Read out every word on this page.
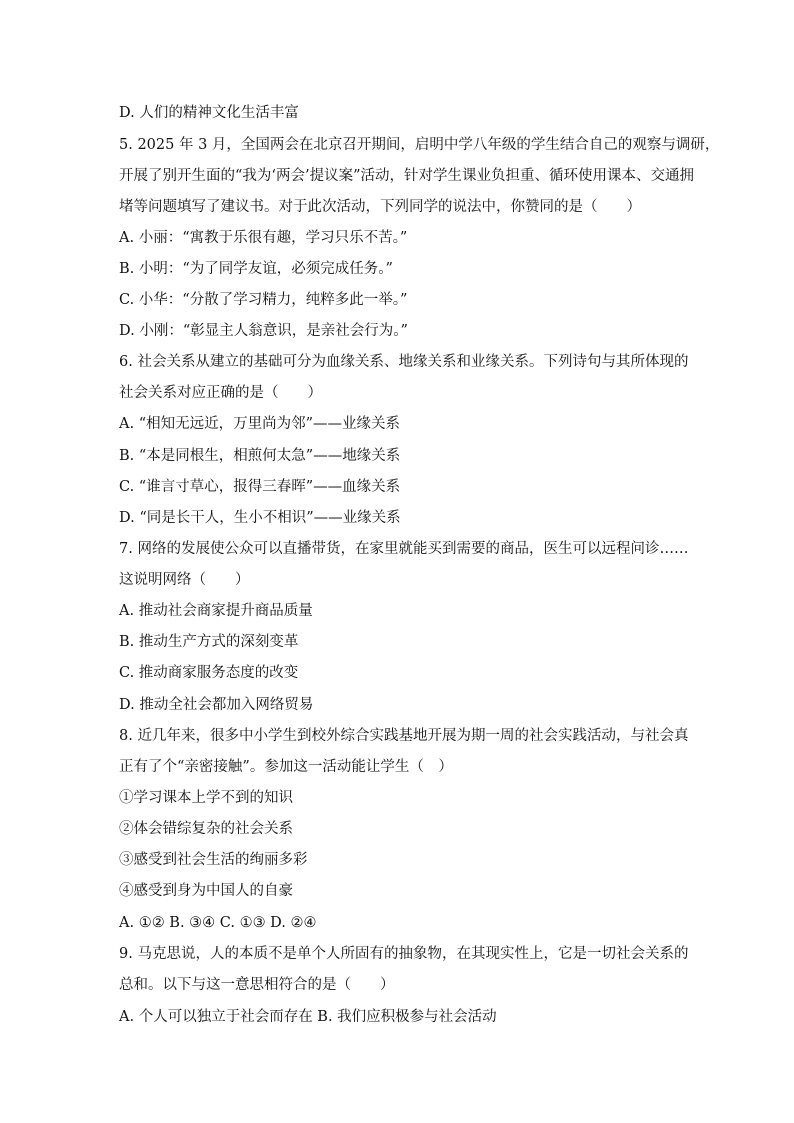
D. 人们的精神文化生活丰富
5. 2025 年 3 月，全国两会在北京召开期间，启明中学八年级的学生结合自己的观察与调研，
开展了别开生面的“我为‘两会’提议案”活动，针对学生课业负担重、循环使用课本、交通拥
堵等问题填写了建议书。对于此次活动，下列同学的说法中，你赞同的是（　　）
A. 小丽：“寓教于乐很有趣，学习只乐不苦。”
B. 小明：“为了同学友谊，必须完成任务。”
C. 小华：“分散了学习精力，纯粹多此一举。”
D. 小刚：“彰显主人翁意识，是亲社会行为。”
6. 社会关系从建立的基础可分为血缘关系、地缘关系和业缘关系。下列诗句与其所体现的
社会关系对应正确的是（　　）
A. “相知无远近，万里尚为邻”——业缘关系
B. “本是同根生，相煎何太急”——地缘关系
C. “谁言寸草心，报得三春晖”——血缘关系
D. “同是长干人，生小不相识”——业缘关系
7. 网络的发展使公众可以直播带货，在家里就能买到需要的商品，医生可以远程问诊……
这说明网络（　　）
A. 推动社会商家提升商品质量
B. 推动生产方式的深刻变革
C. 推动商家服务态度的改变
D. 推动全社会都加入网络贸易
8. 近几年来，很多中小学生到校外综合实践基地开展为期一周的社会实践活动，与社会真
正有了个“亲密接触”。参加这一活动能让学生（　）
①学习课本上学不到的知识
②体会错综复杂的社会关系
③感受到社会生活的绚丽多彩
④感受到身为中国人的自豪
A. ①② B. ③④ C. ①③ D. ②④
9. 马克思说，人的本质不是单个人所固有的抽象物，在其现实性上，它是一切社会关系的
总和。以下与这一意思相符合的是（　　）
A. 个人可以独立于社会而存在 B. 我们应积极参与社会活动
